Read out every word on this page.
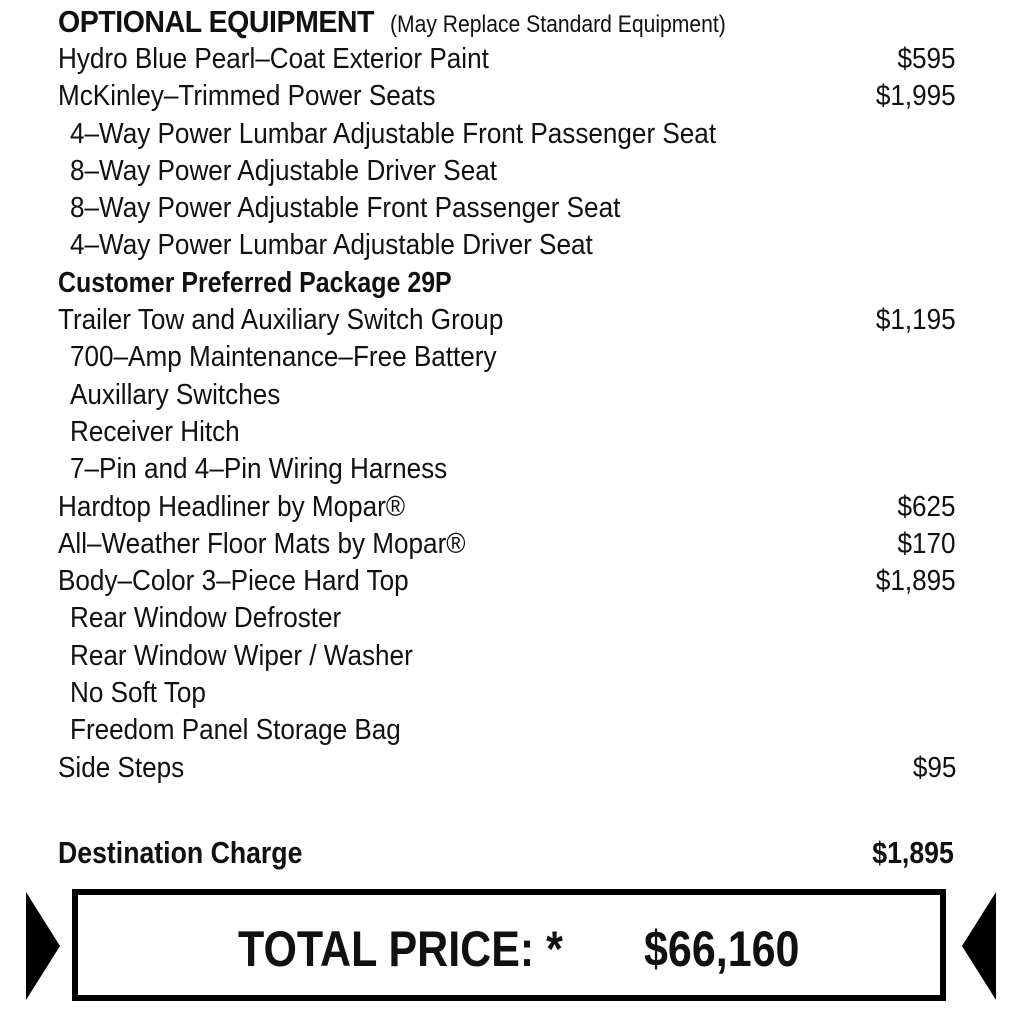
OPTIONAL EQUIPMENT (May Replace Standard Equipment)
Hydro Blue Pearl–Coat Exterior Paint	$595
McKinley–Trimmed Power Seats	$1,995
4–Way Power Lumbar Adjustable Front Passenger Seat
8–Way Power Adjustable Driver Seat
8–Way Power Adjustable Front Passenger Seat
4–Way Power Lumbar Adjustable Driver Seat
Customer Preferred Package 29P
Trailer Tow and Auxiliary Switch Group	$1,195
700–Amp Maintenance–Free Battery
Auxillary Switches
Receiver Hitch
7–Pin and 4–Pin Wiring Harness
Hardtop Headliner by Mopar®	$625
All–Weather Floor Mats by Mopar®	$170
Body–Color 3–Piece Hard Top	$1,895
Rear Window Defroster
Rear Window Wiper / Washer
No Soft Top
Freedom Panel Storage Bag
Side Steps	$95
Destination Charge	$1,895
TOTAL PRICE: * $66,160
